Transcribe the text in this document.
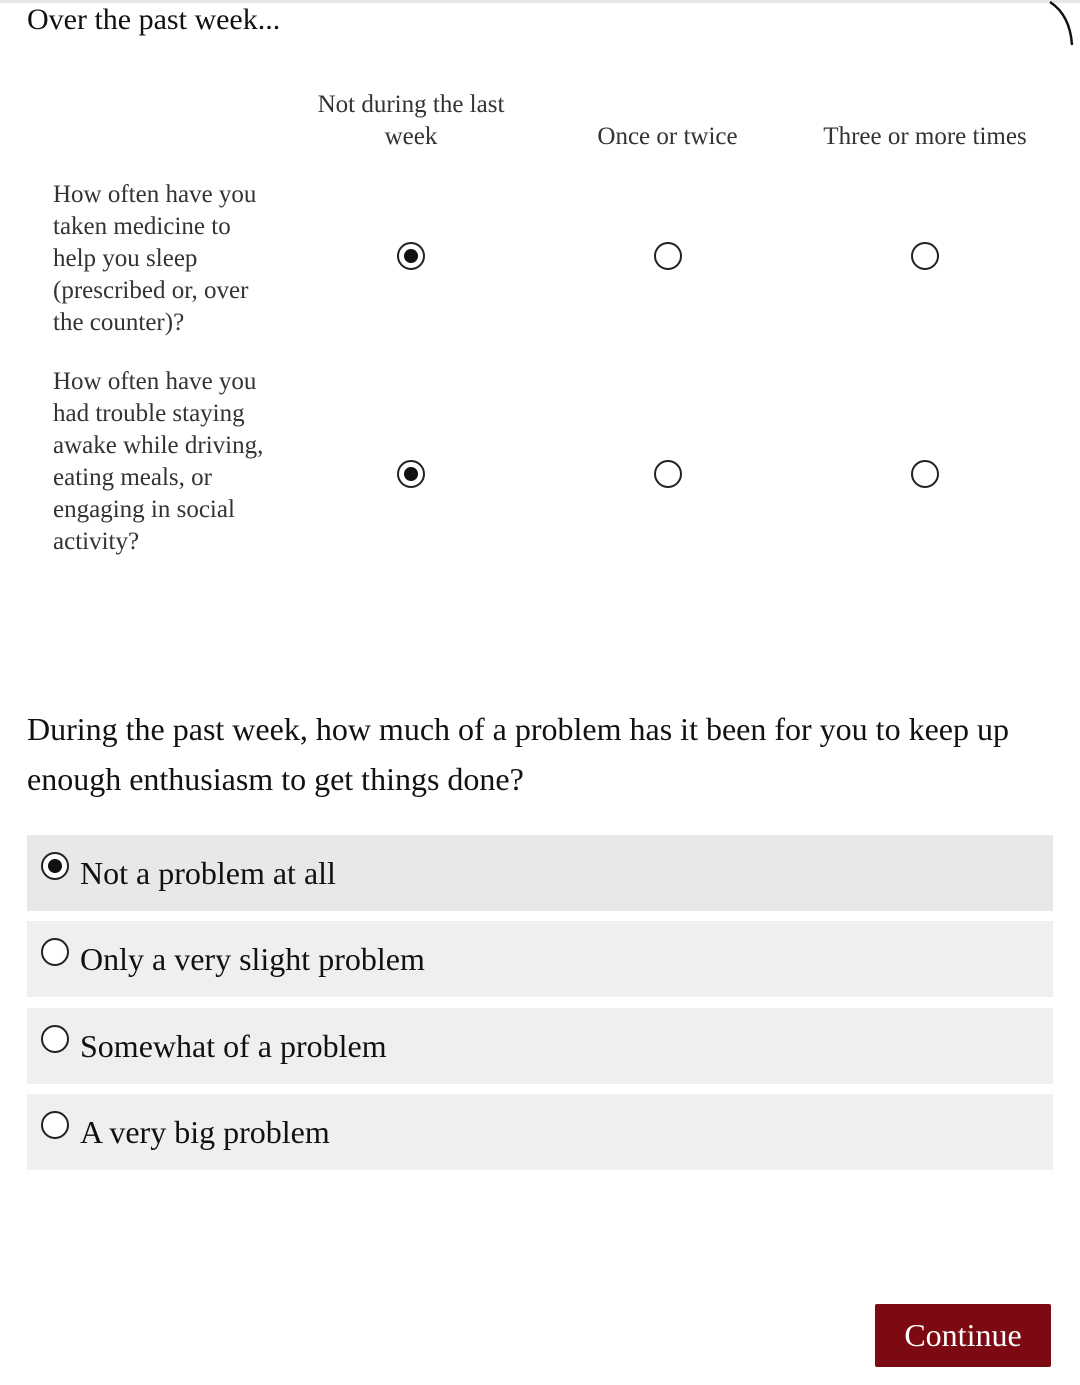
Over the past week...
Not during the last week	Once or twice	Three or more times
How often have you taken medicine to help you sleep (prescribed or, over the counter)?
How often have you had trouble staying awake while driving, eating meals, or engaging in social activity?
During the past week, how much of a problem has it been for you to keep up enough enthusiasm to get things done?
Not a problem at all
Only a very slight problem
Somewhat of a problem
A very big problem
Continue
